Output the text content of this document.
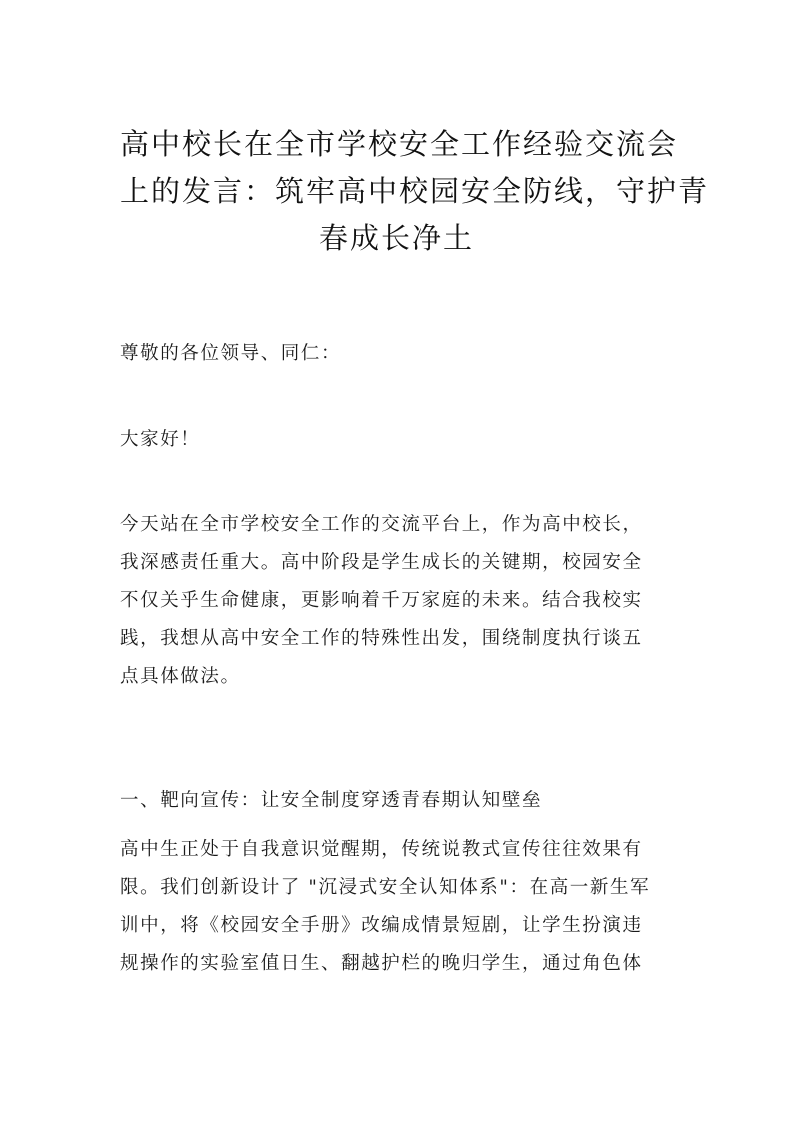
高中校长在全市学校安全工作经验交流会
上的发言：筑牢高中校园安全防线，守护青
春成长净土

尊敬的各位领导、同仁：

大家好！

今天站在全市学校安全工作的交流平台上，作为高中校长，
我深感责任重大。高中阶段是学生成长的关键期，校园安全
不仅关乎生命健康，更影响着千万家庭的未来。结合我校实
践，我想从高中安全工作的特殊性出发，围绕制度执行谈五
点具体做法。

一、靶向宣传：让安全制度穿透青春期认知壁垒

高中生正处于自我意识觉醒期，传统说教式宣传往往效果有
限。我们创新设计了 "沉浸式安全认知体系"：在高一新生军
训中，将《校园安全手册》改编成情景短剧，让学生扮演违
规操作的实验室值日生、翻越护栏的晚归学生，通过角色体
